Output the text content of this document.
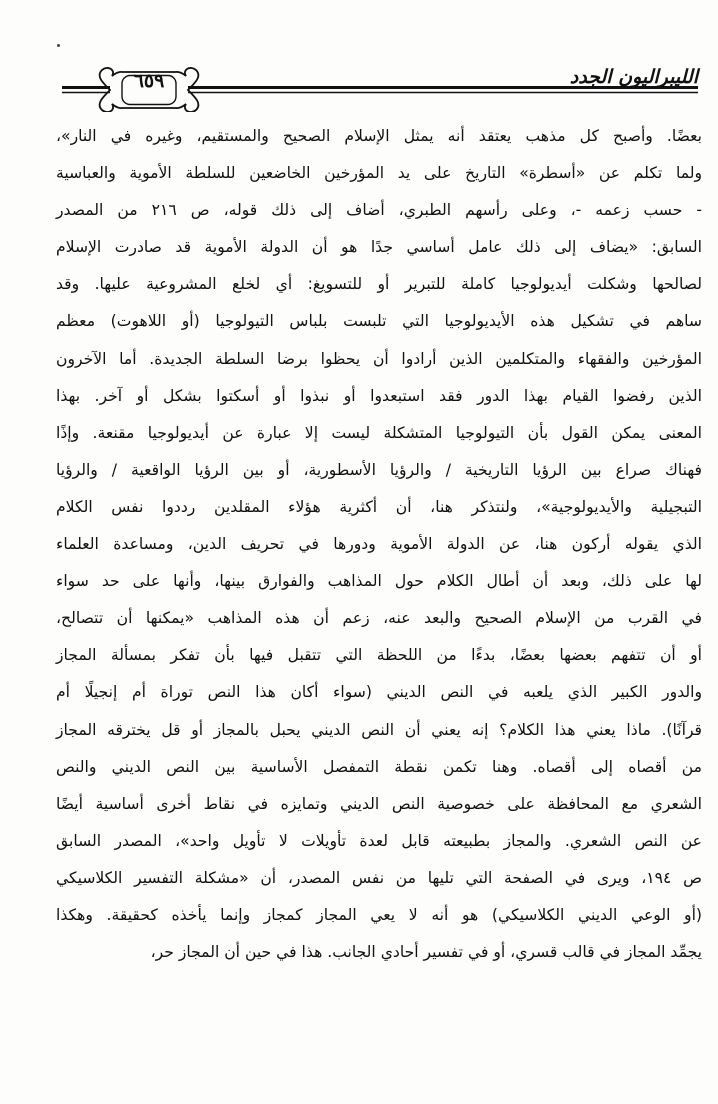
٦٥٩	الليبراليون الجدد
بعضًا. وأصبح كل مذهب يعتقد أنه يمثل الإسلام الصحيح والمستقيم، وغيره في النار»،
ولما تكلم عن «أسطرة» التاريخ على يد المؤرخين الخاضعين للسلطة الأموية والعباسية
- حسب زعمه -، وعلى رأسهم الطبري، أضاف إلى ذلك قوله، ص ٢١٦ من المصدر
السابق: «يضاف إلى ذلك عامل أساسي جدًا هو أن الدولة الأموية قد صادرت الإسلام
لصالحها وشكلت أيديولوجيا كاملة للتبرير أو للتسويغ: أي لخلع المشروعية عليها. وقد
ساهم في تشكيل هذه الأيديولوجيا التي تلبست بلباس التيولوجيا (أو اللاهوت) معظم
المؤرخين والفقهاء والمتكلمين الذين أرادوا أن يحظوا برضا السلطة الجديدة. أما الآخرون
الذين رفضوا القيام بهذا الدور فقد استبعدوا أو نبذوا أو أسكتوا بشكل أو آخر. بهذا
المعنى يمكن القول بأن التيولوجيا المتشكلة ليست إلا عبارة عن أيديولوجيا مقنعة. وإذًا
فهناك صراع بين الرؤيا التاريخية / والرؤيا الأسطورية، أو بين الرؤيا الواقعية / والرؤيا
التبجيلية والأيديولوجية»، ولنتذكر هنا، أن أكثرية هؤلاء المقلدين رددوا نفس الكلام
الذي يقوله أركون هنا، عن الدولة الأموية ودورها في تحريف الدين، ومساعدة العلماء
لها على ذلك، وبعد أن أطال الكلام حول المذاهب والفوارق بينها، وأنها على حد سواء
في القرب من الإسلام الصحيح والبعد عنه، زعم أن هذه المذاهب «يمكنها أن تتصالح،
أو أن تتفهم بعضها بعضًا، بدءًا من اللحظة التي تتقبل فيها بأن تفكر بمسألة المجاز
والدور الكبير الذي يلعبه في النص الديني (سواء أكان هذا النص توراة أم إنجيلًا أم
قرآنًا). ماذا يعني هذا الكلام؟ إنه يعني أن النص الديني يحبل بالمجاز أو قل يخترقه المجاز
من أقصاه إلى أقصاه. وهنا تكمن نقطة التمفصل الأساسية بين النص الديني والنص
الشعري مع المحافظة على خصوصية النص الديني وتمايزه في نقاط أخرى أساسية أيضًا
عن النص الشعري. والمجاز بطبيعته قابل لعدة تأويلات لا تأويل واحد»، المصدر السابق
ص ١٩٤، ويرى في الصفحة التي تليها من نفس المصدر، أن «مشكلة التفسير الكلاسيكي
(أو الوعي الديني الكلاسيكي) هو أنه لا يعي المجاز كمجاز وإنما يأخذه كحقيقة. وهكذا
يجمِّد المجاز في قالب قسري، أو في تفسير أحادي الجانب. هذا في حين أن المجاز حر،
